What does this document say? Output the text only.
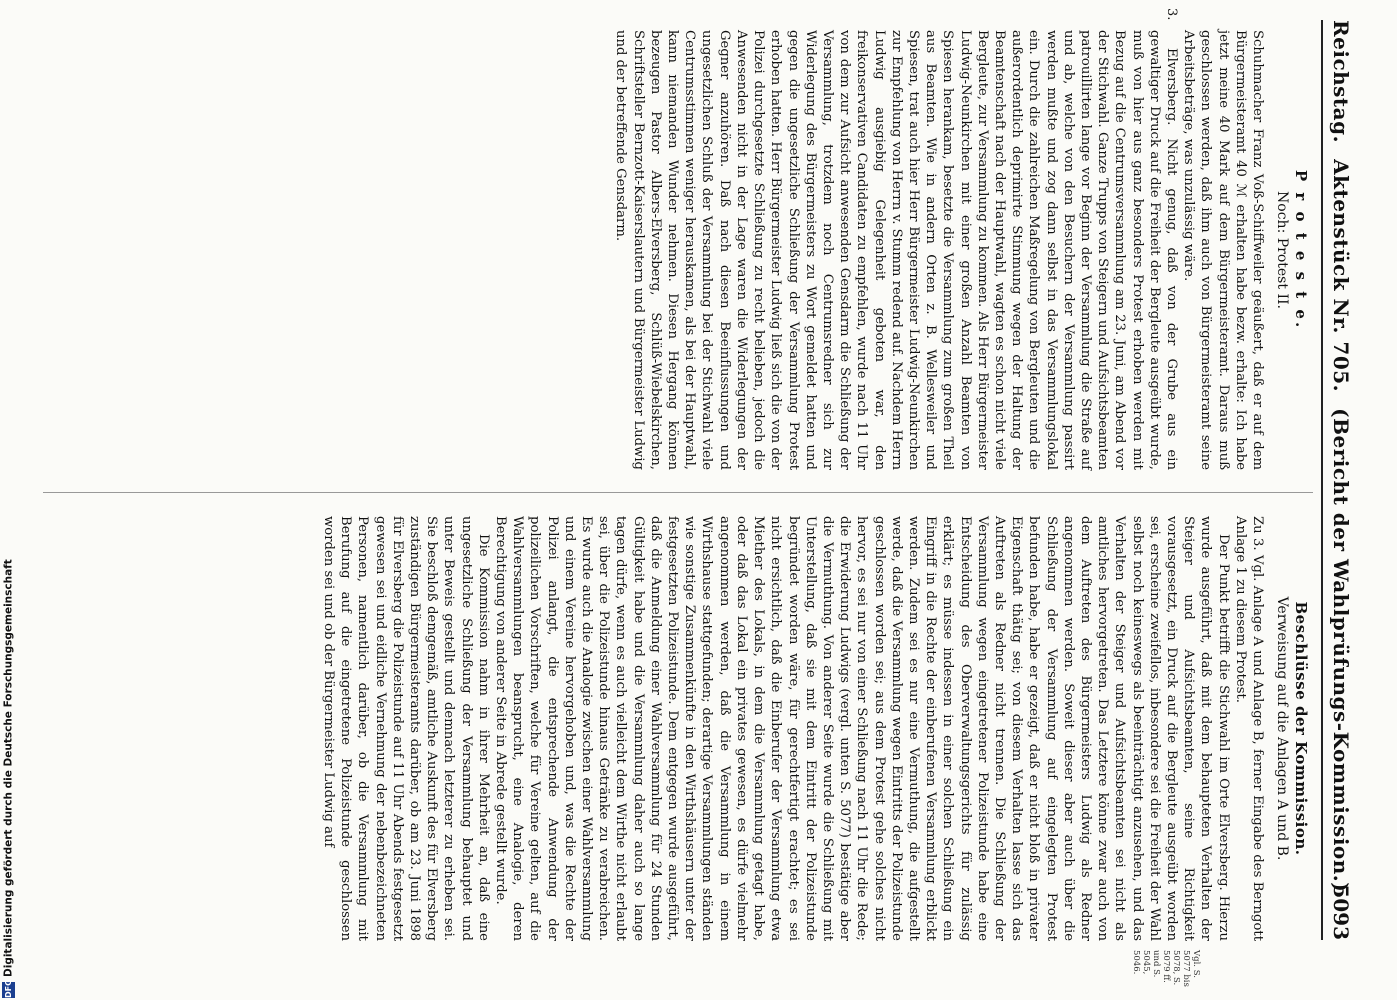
Reichstag.Aktenstück Nr. 705.(Bericht der Wahlprüfungs-Kommission.)
5093
P r o t e s t e.
Noch: Protest II.

Schuhmacher Franz Voß-Schiffweiler geäußert, daß er auf dem Bürgermeisteramt 40 ℳ erhalten habe bezw. erhalte: Ich habe jetzt meine 40 Mark auf dem Bürgermeisteramt. Daraus muß geschlossen werden, daß ihm auch von Bürgermeisteramt seine Arbeitsbeträge, was unzulässig wäre.

3.

Elversberg. Nicht genug, daß von der Grube aus ein gewaltiger Druck auf die Freiheit der Bergleute ausgeübt wurde, muß von hier aus ganz besonders Protest erhoben werden mit Bezug auf die Centrumsversammlung am 23. Juni, am Abend vor der Stichwahl. Ganze Trupps von Steigern und Aufsichtsbeamten patrouillirten lange vor Beginn der Versammlung die Straße auf und ab, welche von den Besuchern der Versammlung passirt werden mußte und zog dann selbst in das Versammlungslokal ein. Durch die zahlreichen Maßregelung von Bergleuten und die außerordentlich deprimirte Stimmung wegen der Haltung der Beamtenschaft nach der Hauptwahl, wagten es schon nicht viele Bergleute, zur Versammlung zu kommen. Als Herr Bürgermeister Ludwig-Neunkirchen mit einer großen Anzahl Beamten von Spiesen herankam, besetzte die Versammlung zum großen Theil aus Beamten. Wie in andern Orten z. B. Wellesweiler und Spiesen, trat auch hier Herr Bürgermeister Ludwig-Neunkirchen zur Empfehlung von Herrn v. Stumm redend auf. Nachdem Herrn Ludwig ausgiebig Gelegenheit geboten war, den freikonservativen Candidaten zu empfehlen, wurde nach 11 Uhr von dem zur Aufsicht anwesenden Gensdarm die Schließung der Versammlung, trotzdem noch Centrumsredner sich zur Widerlegung des Bürgermeisters zu Wort gemeldet hatten und gegen die ungesetzliche Schließung der Versammlung Protest erhoben hatten. Herr Bürgermeister Ludwig ließ sich die von der Polizei durchgesetzte Schließung zu recht belieben, jedoch die Anwesenden nicht in der Lage waren die Widerlegungen der Gegner anzuhören. Daß nach diesen Beeinflussungen und ungesetzlichen Schluß der Versammlung bei der Stichwahl viele Centrumsstimmen weniger herauskamen, als bei der Hauptwahl, kann niemanden Wunder nehmen. Diesen Hergang können bezeugen Pastor Albers-Elversberg, Schlüß-Wiebelskirchen, Schriftsteller Bernzott-Kaiserslautern und Bürgermeister Ludwig und der betreffende Gensdarm.

Beschlüsse der Kommission.
Verweisung auf die Anlagen A und B.

Zu 3. Vgl. Anlage A und Anlage B, ferner Eingabe des Berngott Anlage 1 zu diesem Protest.

Der Punkt betrifft die Stichwahl im Orte Elversberg. Hierzu wurde ausgeführt, daß mit dem behaupteten Verhalten der Steiger und Aufsichtsbeamten, seine Richtigkeit vorausgesetzt, ein Druck auf die Bergleute ausgeübt worden sei, erscheine zweifellos, inbesondere sei die Freiheit der Wahl selbst noch keineswegs als beeinträchtigt anzusehen, und das Verhalten der Steiger und Aufsichtsbeamten sei nicht als amtliches hervorgetreten. Das Letztere könne zwar auch von dem Auftreten des Bürgermeisters Ludwig als Redner angenommen werden. Soweit dieser aber auch über die Schließung der Versammlung auf eingelegten Protest befunden habe, habe er gezeigt, daß er nicht bloß in privater Eigenschaft thätig sei; von diesem Verhalten lasse sich das Auftreten als Redner nicht trennen. Die Schließung der Versammlung wegen eingetretener Polizeistunde habe eine Entscheidung des Oberverwaltungsgerichts für zulässig erklärt; es müsse indessen in einer solchen Schließung ein Eingriff in die Rechte der einberufenen Versammlung erblickt werden. Zudem sei es nur eine Vermuthung, die aufgestellt werde, daß die Versammlung wegen Eintritts der Polizeistunde geschlossen worden sei; aus dem Protest gehe solches nicht hervor, es sei nur von einer Schließung nach 11 Uhr die Rede; die Erwiderung Ludwigs (vergl. unten S. 5077) bestätige aber die Vermuthung. Von anderer Seite wurde die Schließung mit Unterstellung, daß sie mit dem Eintritt der Polizeistunde begründet worden wäre, für gerechtfertigt erachtet; es sei nicht ersichtlich, daß die Einberufer der Versammlung etwa Miether des Lokals, in dem die Versammlung getagt habe, oder daß das Lokal ein privates gewesen, es dürfe vielmehr angenommen werden, daß die Versammlung in einem Wirthshause stattgefunden; derartige Versammlungen ständen wie sonstige Zusammenkünfte in den Wirthshäusern unter der festgesetzten Polizeistunde. Dem entgegen wurde ausgeführt, daß die Anmeldung einer Wahlversammlung für 24 Stunden Gültigkeit habe und die Versammlung daher auch so lange tagen dürfe, wenn es auch vielleicht dem Wirthe nicht erlaubt sei, über die Polizeistunde hinaus Getränke zu verabreichen. Es wurde auch die Analogie zwischen einer Wahlversammlung und einem Vereine hervorgehoben und, was die Rechte der Polizei anlangt, die entsprechende Anwendung der polizeilichen Vorschriften, welche für Vereine gelten, auf die Wahlversammlungen beansprucht, eine Analogie, deren Berechtigung von anderer Seite in Abrede gestellt wurde.

Die Kommission nahm in ihrer Mehrheit an, daß eine ungesetzliche Schließung der Versammlung behauptet und unter Beweis gestellt und demnach letzterer zu erheben sei. Sie beschloß demgemäß, amtliche Auskunft des für Elversberg zuständigen Bürgermeisteramts darüber, ob am 23. Juni 1898 für Elversberg die Polizeistunde auf 11 Uhr Abends festgesetzt gewesen sei und eidliche Vernehmung der nebenbezeichneten Personen, namentlich darüber, ob die Versammlung mit Berufung auf die eingetretene Polizeistunde geschlossen worden sei und ob der Bürgermeister Ludwig auf

Vgl. S. 5077 bis 5078, S. 5079 ff. und S. 5045, 5046.
DFGDigitalisierung gefördert durch die Deutsche Forschungsgemeinschaft
